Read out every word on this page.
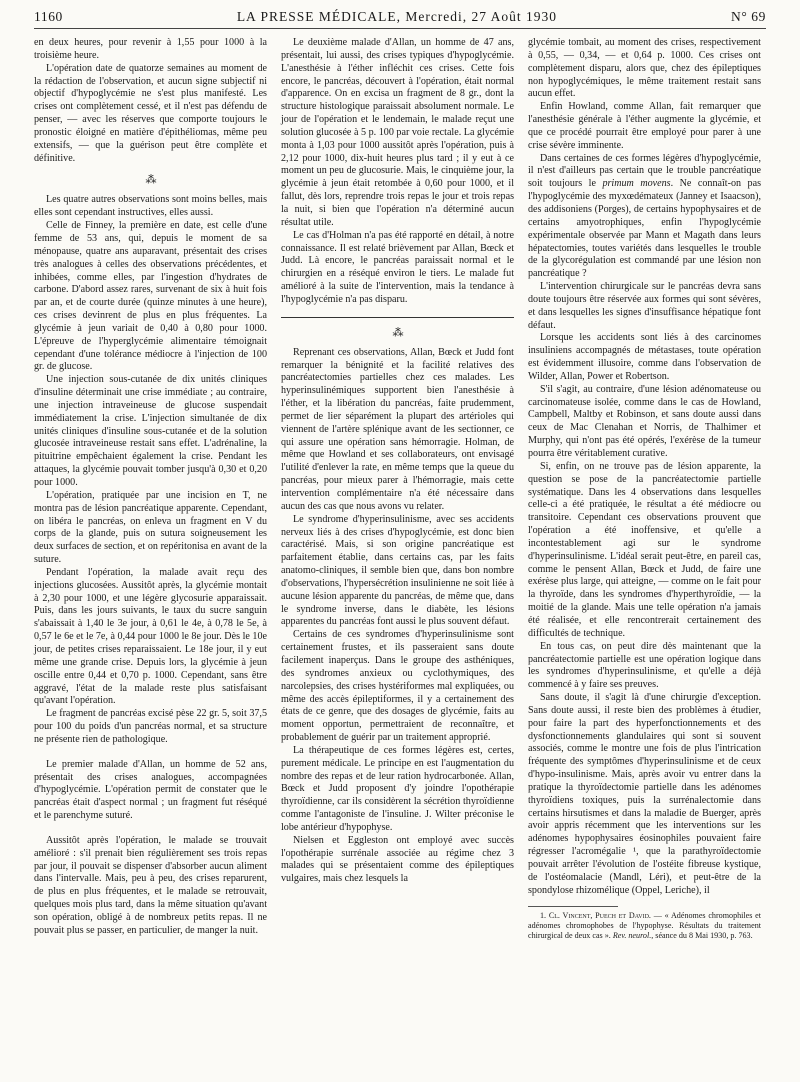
1160	LA PRESSE MÉDICALE, Mercredi, 27 Août 1930	N° 69

en deux heures, pour revenir à 1,55 pour 1000 à la troisième heure.

L'opération date de quatorze semaines au moment de la rédaction de l'observation, et aucun signe subjectif ni objectif d'hypoglycémie ne s'est plus manifesté. Les crises ont complètement cessé, et il n'est pas défendu de penser, — avec les réserves que comporte toujours le pronostic éloigné en matière d'épithéliomas, même peu extensifs, — que la guérison peut être complète et définitive.

⁂

Les quatre autres observations sont moins belles, mais elles sont cependant instructives, elles aussi.

Celle de Finney, la première en date, est celle d'une femme de 53 ans, qui, depuis le moment de sa ménopause, quatre ans auparavant, présentait des crises très analogues à celles des observations précédentes, et inhibées, comme elles, par l'ingestion d'hydrates de carbone. D'abord assez rares, survenant de six à huit fois par an, et de courte durée (quinze minutes à une heure), ces crises devinrent de plus en plus fréquentes. La glycémie à jeun variait de 0,40 à 0,80 pour 1000. L'épreuve de l'hyperglycémie alimentaire témoignait cependant d'une tolérance médiocre à l'injection de 100 gr. de glucose.

Une injection sous-cutanée de dix unités cliniques d'insuline déterminait une crise immédiate ; au contraire, une injection intraveineuse de glucose suspendait immédiatement la crise. L'injection simultanée de dix unités cliniques d'insuline sous-cutanée et de la solution glucosée intraveineuse restait sans effet. L'adrénaline, la pituitrine empêchaient également la crise. Pendant les attaques, la glycémie pouvait tomber jusqu'à 0,30 et 0,20 pour 1000.

L'opération, pratiquée par une incision en T, ne montra pas de lésion pancréatique apparente. Cependant, on libéra le pancréas, on enleva un fragment en V du corps de la glande, puis on sutura soigneusement les deux surfaces de section, et on repéritonisa en avant de la suture.

Pendant l'opération, la malade avait reçu des injections glucosées. Aussitôt après, la glycémie montait à 2,30 pour 1000, et une légère glycosurie apparaissait. Puis, dans les jours suivants, le taux du sucre sanguin s'abaissait à 1,40 le 3e jour, à 0,61 le 4e, à 0,78 le 5e, à 0,57 le 6e et le 7e, à 0,44 pour 1000 le 8e jour. Dès le 10e jour, de petites crises reparaissaient. Le 18e jour, il y eut même une grande crise. Depuis lors, la glycémie à jeun oscille entre 0,44 et 0,70 p. 1000. Cependant, sans être aggravé, l'état de la malade reste plus satisfaisant qu'avant l'opération.

Le fragment de pancréas excisé pèse 22 gr. 5, soit 37,5 pour 100 du poids d'un pancréas normal, et sa structure ne présente rien de pathologique.

Le premier malade d'Allan, un homme de 52 ans, présentait des crises analogues, accompagnées d'hypoglycémie. L'opération permit de constater que le pancréas était d'aspect normal ; un fragment fut réséqué et le parenchyme suturé.

Aussitôt après l'opération, le malade se trouvait amélioré : s'il prenait bien régulièrement ses trois repas par jour, il pouvait se dispenser d'absorber aucun aliment dans l'intervalle. Mais, peu à peu, des crises reparurent, de plus en plus fréquentes, et le malade se retrouvait, quelques mois plus tard, dans la même situation qu'avant son opération, obligé à de nombreux petits repas. Il ne pouvait plus se passer, en particulier, de manger la nuit.

Le deuxième malade d'Allan, un homme de 47 ans, présentait, lui aussi, des crises typiques d'hypoglycémie. L'anesthésie à l'éther infléchit ces crises. Cette fois encore, le pancréas, découvert à l'opération, était normal d'apparence. On en excisa un fragment de 8 gr., dont la structure histologique paraissait absolument normale. Le jour de l'opération et le lendemain, le malade reçut une solution glucosée à 5 p. 100 par voie rectale. La glycémie monta à 1,03 pour 1000 aussitôt après l'opération, puis à 2,12 pour 1000, dix-huit heures plus tard ; il y eut à ce moment un peu de glucosurie. Mais, le cinquième jour, la glycémie à jeun était retombée à 0,60 pour 1000, et il fallut, dès lors, reprendre trois repas le jour et trois repas la nuit, si bien que l'opération n'a déterminé aucun résultat utile.

Le cas d'Holman n'a pas été rapporté en détail, à notre connaissance. Il est relaté brièvement par Allan, Bœck et Judd. Là encore, le pancréas paraissait normal et le chirurgien en a réséqué environ le tiers. Le malade fut amélioré à la suite de l'intervention, mais la tendance à l'hypoglycémie n'a pas disparu.

⁂

Reprenant ces observations, Allan, Bœck et Judd font remarquer la bénignité et la facilité relatives des pancréatectomies partielles chez ces malades. Les hyperinsulinémiques supportent bien l'anesthésie à l'éther, et la libération du pancréas, faite prudemment, permet de lier séparément la plupart des artérioles qui viennent de l'artère splénique avant de les sectionner, ce qui assure une opération sans hémorragie. Holman, de même que Howland et ses collaborateurs, ont envisagé l'utilité d'enlever la rate, en même temps que la queue du pancréas, pour mieux parer à l'hémorragie, mais cette intervention complémentaire n'a été nécessaire dans aucun des cas que nous avons vu relater.

Le syndrome d'hyperinsulinisme, avec ses accidents nerveux liés à des crises d'hypoglycémie, est donc bien caractérisé. Mais, si son origine pancréatique est parfaitement établie, dans certains cas, par les faits anatomo-cliniques, il semble bien que, dans bon nombre d'observations, l'hypersécrétion insulinienne ne soit liée à aucune lésion apparente du pancréas, de même que, dans le syndrome inverse, dans le diabète, les lésions apparentes du pancréas font aussi le plus souvent défaut.

Certains de ces syndromes d'hyperinsulinisme sont certainement frustes, et ils passeraient sans doute facilement inaperçus. Dans le groupe des asthéniques, des syndromes anxieux ou cyclothymiques, des narcolepsies, des crises hystériformes mal expliquées, ou même des accès épileptiformes, il y a certainement des états de ce genre, que des dosages de glycémie, faits au moment opportun, permettraient de reconnaître, et probablement de guérir par un traitement approprié.

La thérapeutique de ces formes légères est, certes, purement médicale. Le principe en est l'augmentation du nombre des repas et de leur ration hydrocarbonée. Allan, Bœck et Judd proposent d'y joindre l'opothérapie thyroïdienne, car ils considèrent la sécrétion thyroïdienne comme l'antagoniste de l'insuline. J. Wilter préconise le lobe antérieur d'hypophyse.

Nielsen et Eggleston ont employé avec succès l'opothérapie surrénale associée au régime chez 3 malades qui se présentaient comme des épileptiques vulgaires, mais chez lesquels la

glycémie tombait, au moment des crises, respectivement à 0,55, — 0,34, — et 0,64 p. 1000. Ces crises ont complètement disparu, alors que, chez des épileptiques non hypoglycémiques, le même traitement restait sans aucun effet.

Enfin Howland, comme Allan, fait remarquer que l'anesthésie générale à l'éther augmente la glycémie, et que ce procédé pourrait être employé pour parer à une crise sévère imminente.

Dans certaines de ces formes légères d'hypoglycémie, il n'est d'ailleurs pas certain que le trouble pancréatique soit toujours le primum movens. Ne connaît-on pas l'hypoglycémie des myxœdémateux (Janney et Isaacson), des addisoniens (Porges), de certains hypophysaires et de certains amyotrophiques, enfin l'hypoglycémie expérimentale observée par Mann et Magath dans leurs hépatectomies, toutes variétés dans lesquelles le trouble de la glycorégulation est commandé par une lésion non pancréatique ?

L'intervention chirurgicale sur le pancréas devra sans doute toujours être réservée aux formes qui sont sévères, et dans lesquelles les signes d'insuffisance hépatique font défaut.

Lorsque les accidents sont liés à des carcinomes insuliniens accompagnés de métastases, toute opération est évidemment illusoire, comme dans l'observation de Wilder, Allan, Power et Robertson.

S'il s'agit, au contraire, d'une lésion adénomateuse ou carcinomateuse isolée, comme dans le cas de Howland, Campbell, Maltby et Robinson, et sans doute aussi dans ceux de Mac Clenahan et Norris, de Thalhimer et Murphy, qui n'ont pas été opérés, l'exérèse de la tumeur pourra être véritablement curative.

Si, enfin, on ne trouve pas de lésion apparente, la question se pose de la pancréatectomie partielle systématique. Dans les 4 observations dans lesquelles celle-ci a été pratiquée, le résultat a été médiocre ou transitoire. Cependant ces observations prouvent que l'opération a été inoffensive, et qu'elle a incontestablement agi sur le syndrome d'hyperinsulinisme. L'idéal serait peut-être, en pareil cas, comme le pensent Allan, Bœck et Judd, de faire une exérèse plus large, qui atteigne, — comme on le fait pour la thyroïde, dans les syndromes d'hyperthyroïdie, — la moitié de la glande. Mais une telle opération n'a jamais été réalisée, et elle rencontrerait certainement des difficultés de technique.

En tous cas, on peut dire dès maintenant que la pancréatectomie partielle est une opération logique dans les syndromes d'hyperinsulinisme, et qu'elle a déjà commencé à y faire ses preuves.

Sans doute, il s'agit là d'une chirurgie d'exception. Sans doute aussi, il reste bien des problèmes à étudier, pour faire la part des hyperfonctionnements et des dysfonctionnements glandulaires qui sont si souvent associés, comme le montre une fois de plus l'intrication fréquente des symptômes d'hyperinsulinisme et de ceux d'hypo-insulinisme. Mais, après avoir vu entrer dans la pratique la thyroïdectomie partielle dans les adénomes thyroïdiens toxiques, puis la surrénalectomie dans certains hirsutismes et dans la maladie de Buerger, après avoir appris récemment que les interventions sur les adénomes hypophysaires éosinophiles pouvaient faire régresser l'acromégalie ¹, que la parathyroïdectomie pouvait arrêter l'évolution de l'ostéite fibreuse kystique, de l'ostéomalacie (Mandl, Léri), et peut-être de la spondylose rhizomélique (Oppel, Leriche), il

1. Cl. Vincent, Puech et David. — « Adénomes chromophiles et adénomes chromophobes de l'hypophyse. Résultats du traitement chirurgical de deux cas ». Rev. neurol., séance du 8 Mai 1930, p. 763.
